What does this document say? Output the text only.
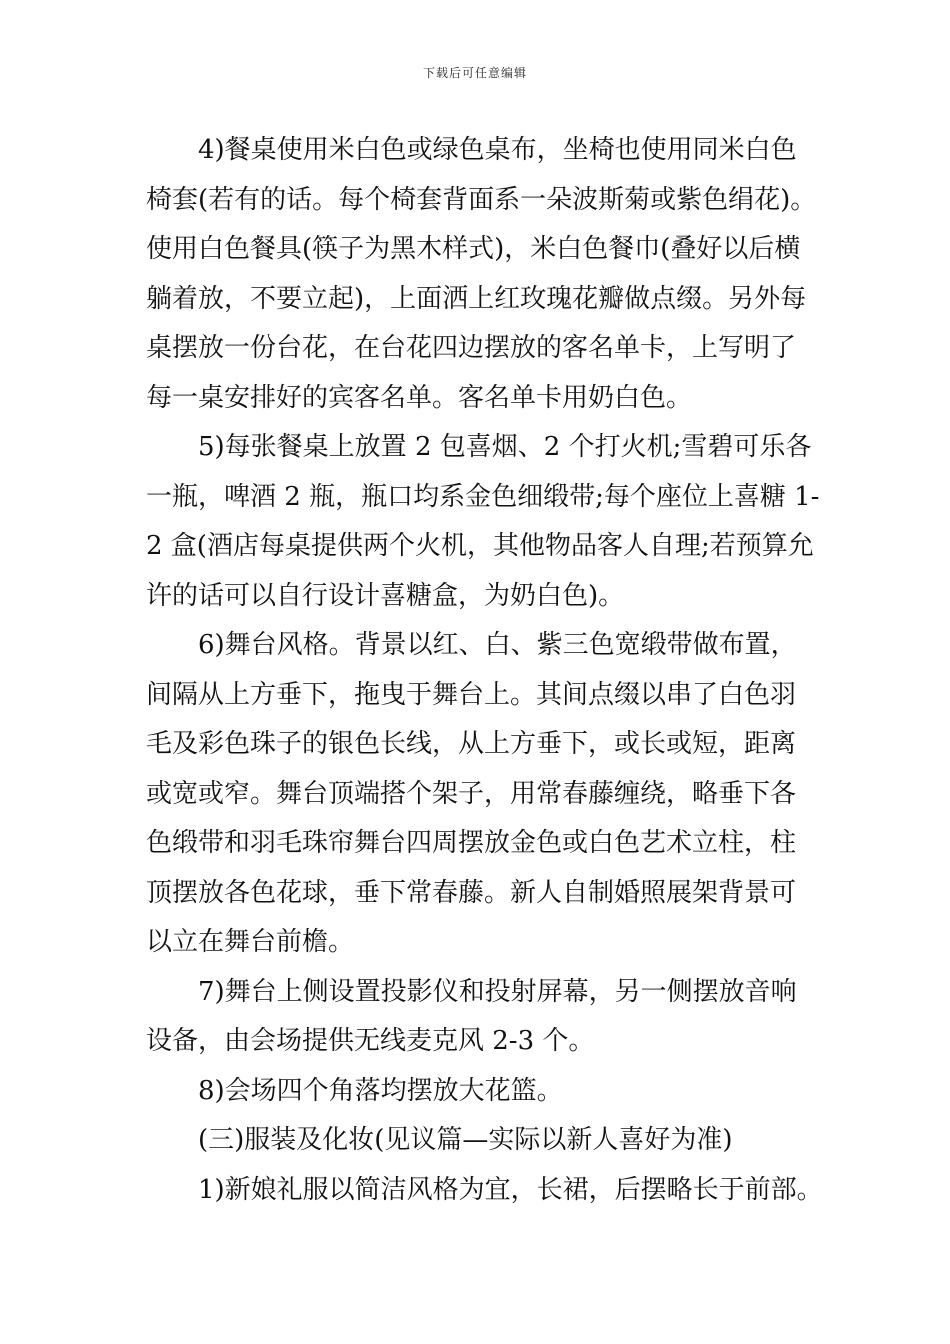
下载后可任意编辑

4)餐桌使用米白色或绿色桌布，坐椅也使用同米白色
椅套(若有的话。每个椅套背面系一朵波斯菊或紫色绢花)。
使用白色餐具(筷子为黑木样式)，米白色餐巾(叠好以后横
躺着放，不要立起)，上面洒上红玫瑰花瓣做点缀。另外每
桌摆放一份台花，在台花四边摆放的客名单卡，上写明了
每一桌安排好的宾客名单。客名单卡用奶白色。

5)每张餐桌上放置 2 包喜烟、2 个打火机;雪碧可乐各
一瓶，啤酒 2 瓶，瓶口均系金色细缎带;每个座位上喜糖 1-
2 盒(酒店每桌提供两个火机，其他物品客人自理;若预算允
许的话可以自行设计喜糖盒，为奶白色)。

6)舞台风格。背景以红、白、紫三色宽缎带做布置，
间隔从上方垂下，拖曳于舞台上。其间点缀以串了白色羽
毛及彩色珠子的银色长线，从上方垂下，或长或短，距离
或宽或窄。舞台顶端搭个架子，用常春藤缠绕，略垂下各
色缎带和羽毛珠帘舞台四周摆放金色或白色艺术立柱，柱
顶摆放各色花球，垂下常春藤。新人自制婚照展架背景可
以立在舞台前檐。

7)舞台上侧设置投影仪和投射屏幕，另一侧摆放音响
设备，由会场提供无线麦克风 2-3 个。

8)会场四个角落均摆放大花篮。

(三)服装及化妆(见议篇—实际以新人喜好为准)

1)新娘礼服以简洁风格为宜，长裙，后摆略长于前部。
